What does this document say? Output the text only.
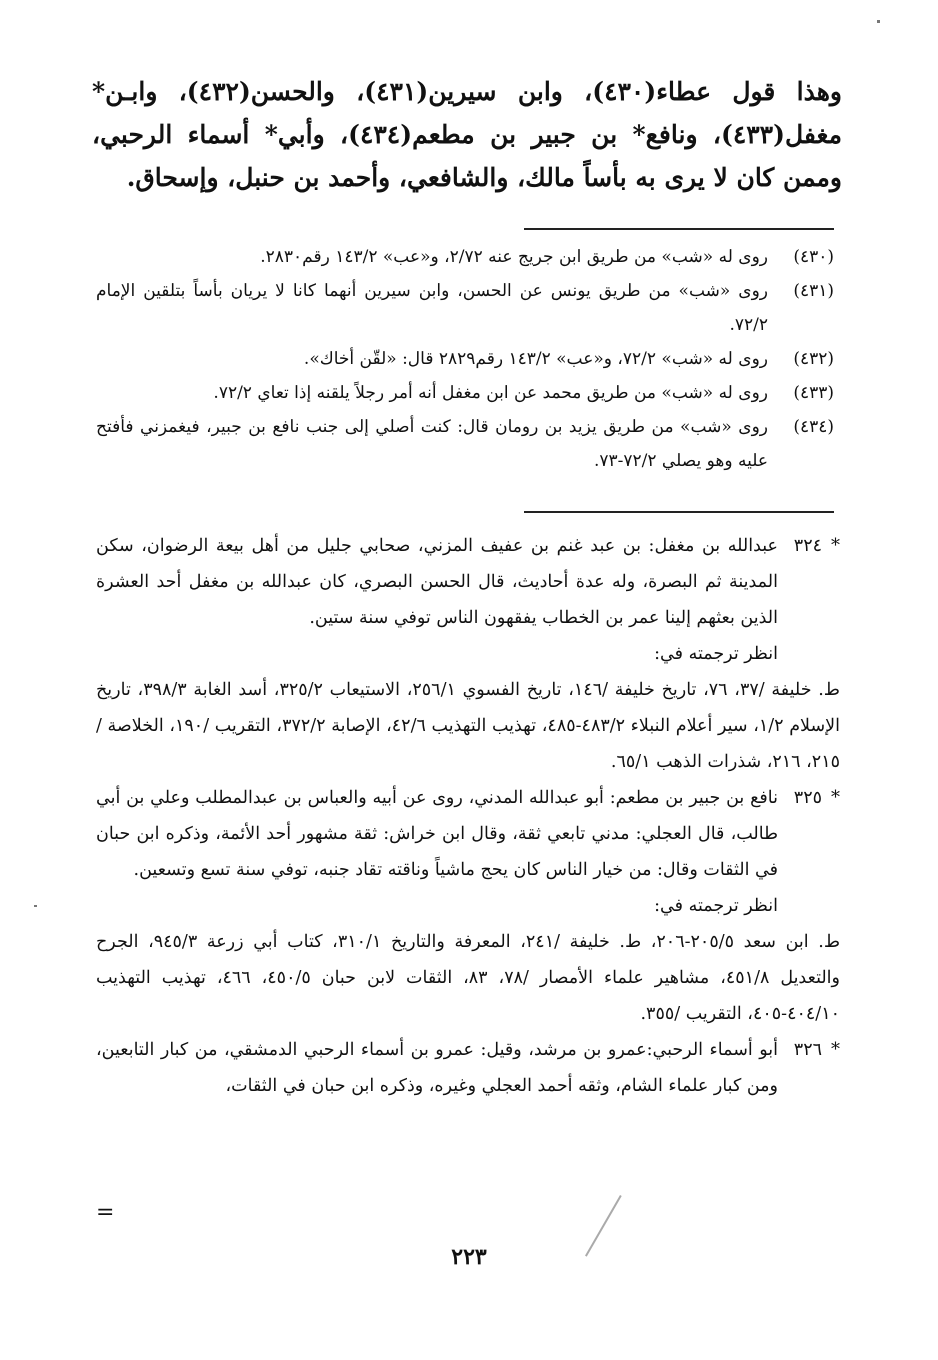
وهذا قول عطاء(٤٣٠)، وابن سيرين(٤٣١)، والحسن(٤٣٢)، وابـن* مغفل(٤٣٣)، ونافع* بن جبير بن مطعم(٤٣٤)، وأبي* أسماء الرحبي، وممن كان لا يرى به بأساً مالك، والشافعي، وأحمد بن حنبل، وإسحاق.

(٤٣٠)
روى له «شب» من طريق ابن جريج عنه ٢/٧٢، و«عب» ١٤٣/٢ رقم٢٨٣٠.
(٤٣١)
روى «شب» من طريق يونس عن الحسن، وابن سيرين أنهما كانا لا يريان بأساً بتلقين الإمام ٧٢/٢.
(٤٣٢)
روى له «شب» ٧٢/٢، و«عب» ١٤٣/٢ رقم٢٨٢٩ قال: «لقّن أخاك».
(٤٣٣)
روى له «شب» من طريق محمد عن ابن مغفل أنه أمر رجلاً يلقنه إذا تعاي ٧٢/٢.
(٤٣٤)
روى «شب» من طريق يزيد بن رومان قال: كنت أصلي إلى جنب نافع بن جبير، فيغمزني فأفتح عليه وهو يصلي ٧٢/٢-٧٣.
*
٣٢٤
عبدالله بن مغفل: بن عبد غنم بن عفيف المزني، صحابي جليل من أهل بيعة الرضوان، سكن المدينة ثم البصرة، وله عدة أحاديث، قال الحسن البصري، كان عبدالله بن مغفل أحد العشرة الذين بعثهم إلينا عمر بن الخطاب يفقهون الناس توفي سنة ستين.
انظر ترجمته في:
ط. خليفة /٣٧، ٧٦، تاريخ خليفة /١٤٦، تاريخ الفسوي ٢٥٦/١، الاستيعاب ٣٢٥/٢، أسد الغابة ٣٩٨/٣، تاريخ الإسلام ١/٢، سير أعلام النبلاء ٤٨٣/٢-٤٨٥، تهذيب التهذيب ٤٢/٦، الإصابة ٣٧٢/٢، التقريب /١٩٠، الخلاصة /٢١٥، ٢١٦، شذرات الذهب ٦٥/١.
*
٣٢٥
نافع بن جبير بن مطعم: أبو عبدالله المدني، روى عن أبيه والعباس بن عبدالمطلب وعلي بن أبي طالب، قال العجلي: مدني تابعي ثقة، وقال ابن خراش: ثقة مشهور أحد الأئمة، وذكره ابن حبان في الثقات وقال: من خيار الناس كان يحج ماشياً وناقته تقاد جنبه، توفي سنة تسع وتسعين.
انظر ترجمته في:
ط. ابن سعد ٢٠٥/٥-٢٠٦، ط. خليفة /٢٤١، المعرفة والتاريخ ٣١٠/١، كتاب أبي زرعة ٩٤٥/٣، الجرح والتعديل ٤٥١/٨، مشاهير علماء الأمصار /٧٨، ٨٣، الثقات لابن حبان ٤٥٠/٥، ٤٦٦، تهذيب التهذيب ٤٠٤/١٠-٤٠٥، التقريب /٣٥٥.
*
٣٢٦
أبو أسماء الرحبي:عمرو بن مرشد، وقيل: عمرو بن أسماء الرحبي الدمشقي، من كبار التابعين، ومن كبار علماء الشام، وثقه أحمد العجلي وغيره، وذكره ابن حبان في الثقات،
=
٢٢٣
